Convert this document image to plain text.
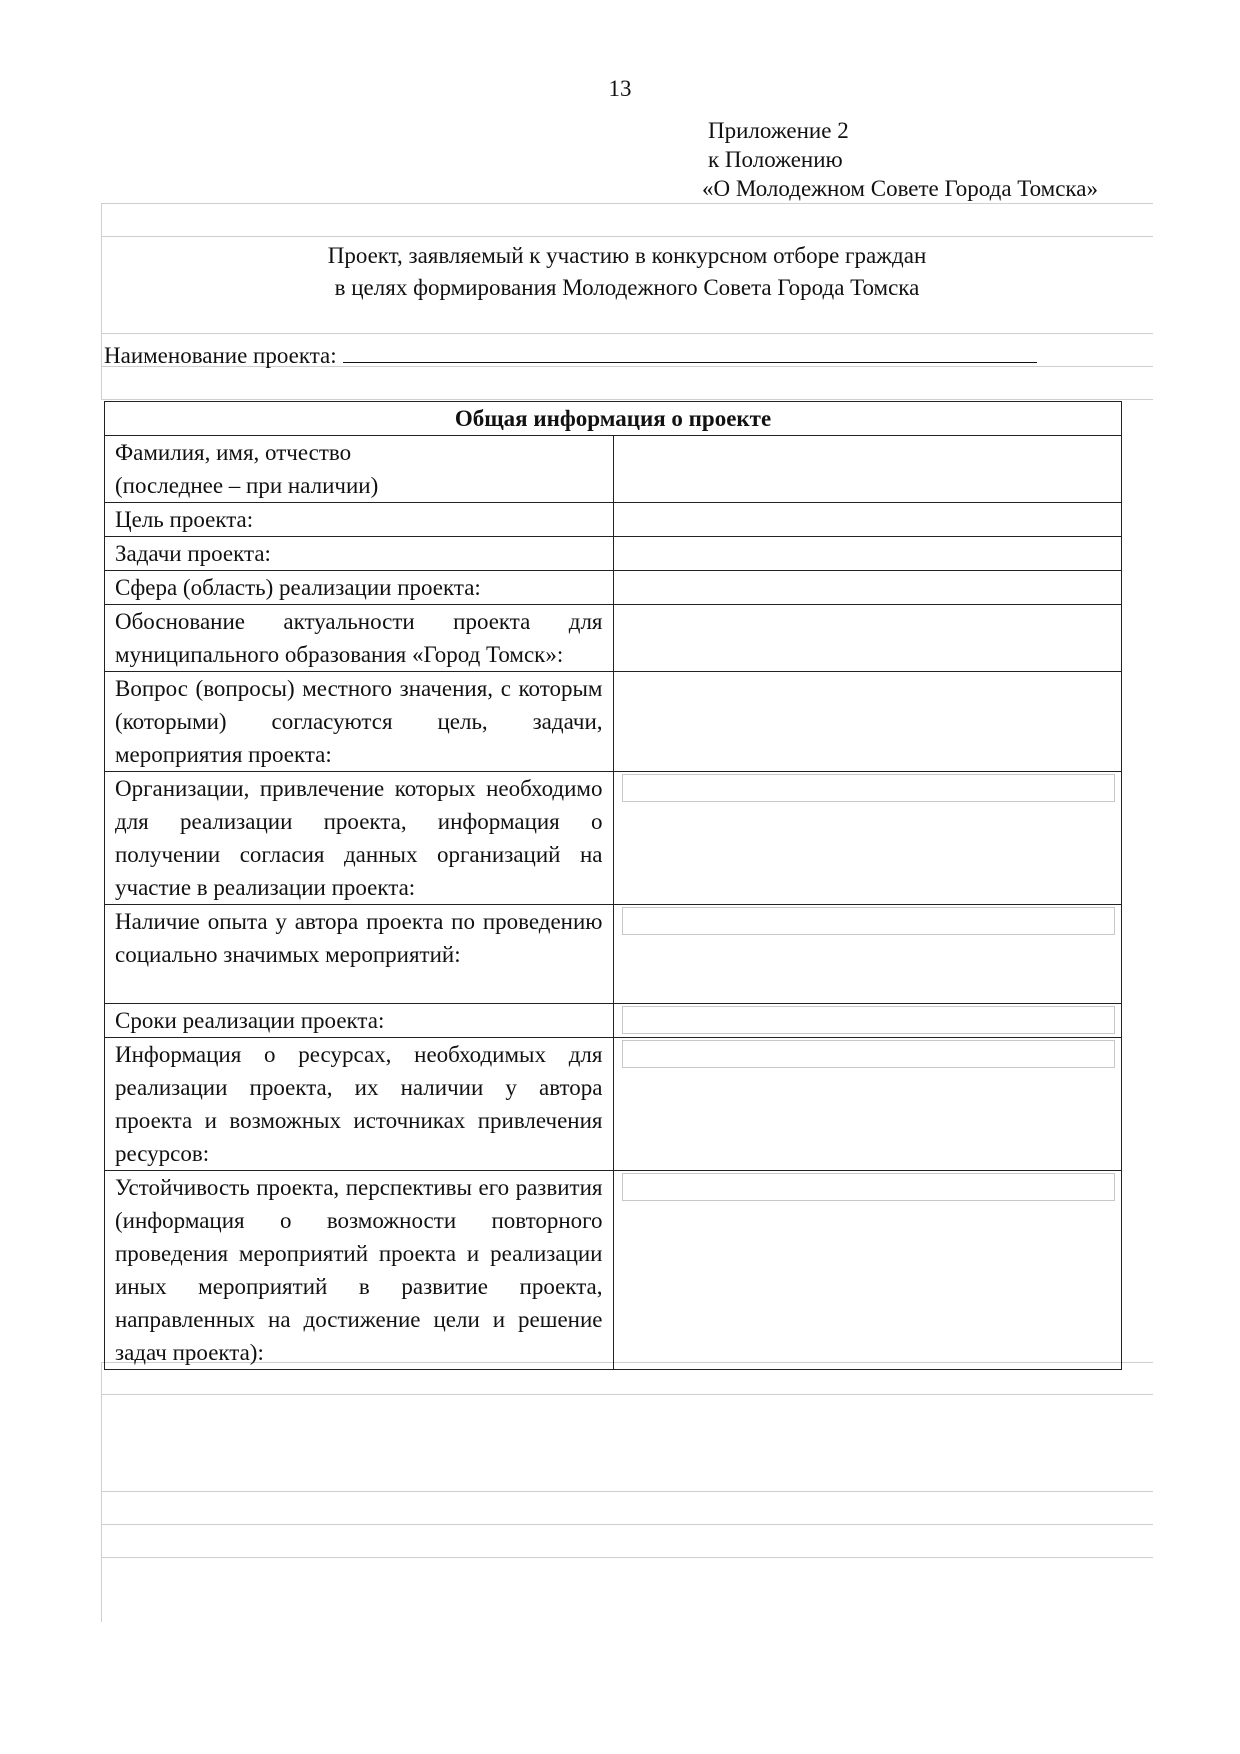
13
Приложение 2
к Положению
«О Молодежном Совете Города Томска»
Проект, заявляемый к участию в конкурсном отборе граждан
в целях формирования Молодежного Совета Города Томска
Наименование проекта:
Общая информация о проекте	

Фамилия, имя, отчество
(последнее – при наличии)	

Цель проекта:	
Задачи проекта:	
Сфера (область) реализации проекта:	
Обоснование актуальности проекта для муниципального образования «Город Томск»:	
Вопрос (вопросы) местного значения, с которым (которыми) согласуются цель, задачи, мероприятия проекта:	
Организации, привлечение которых необходимо для реализации проекта, информация о получении согласия данных организаций на участие в реализации проекта:	

Наличие опыта у автора проекта по проведению социально значимых мероприятий:	

Сроки реализации проекта:	

Информация о ресурсах, необходимых для реализации проекта, их наличии у автора проекта и возможных источниках привлечения ресурсов:	

Устойчивость проекта, перспективы его развития (информация о возможности повторного проведения мероприятий проекта и реализации иных мероприятий в развитие проекта, направленных на достижение цели и решение задач проекта):	
